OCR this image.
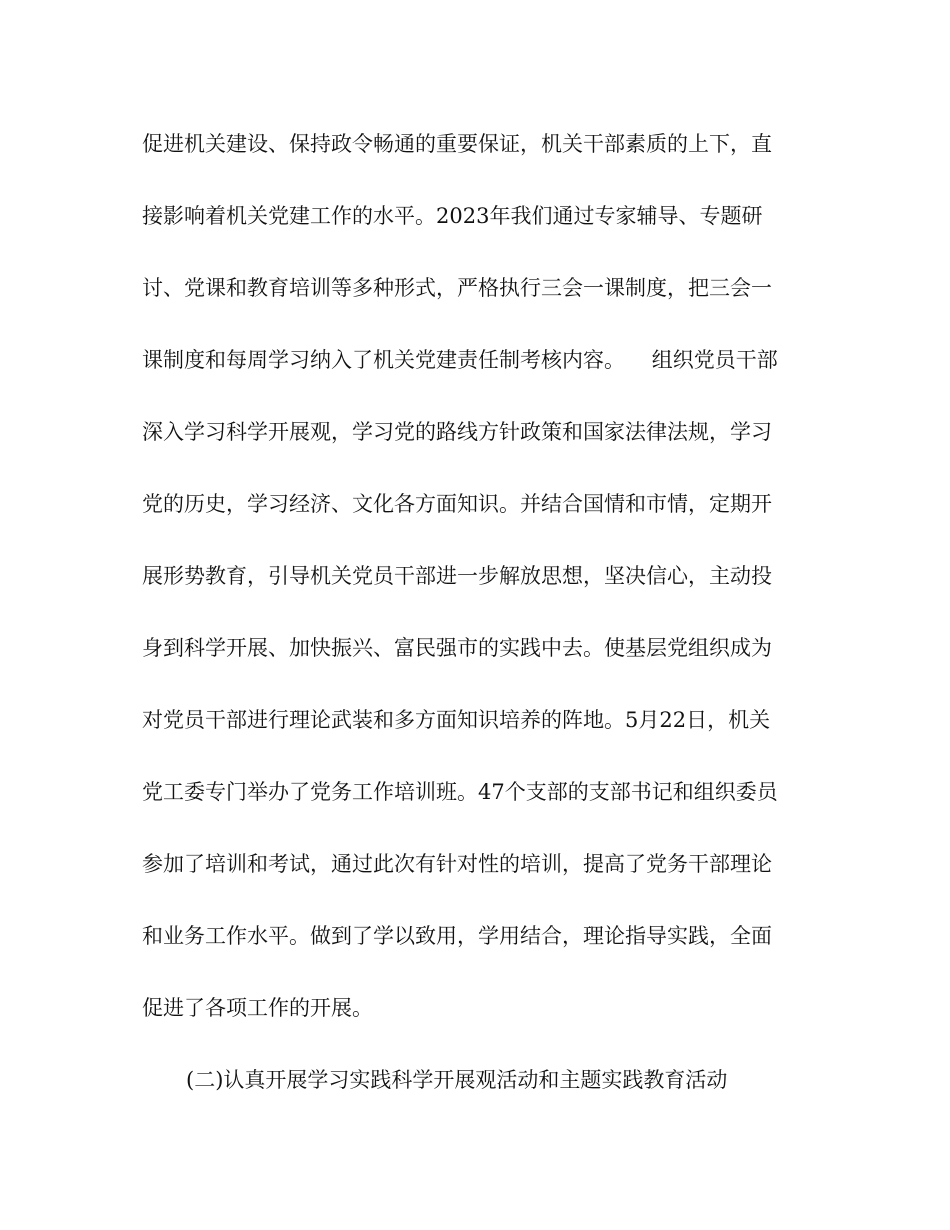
促进机关建设、保持政令畅通的重要保证，机关干部素质的上下，直
接影响着机关党建工作的水平。2023年我们通过专家辅导、专题研
讨、党课和教育培训等多种形式，严格执行三会一课制度，把三会一
课制度和每周学习纳入了机关党建责任制考核内容。    组织党员干部
深入学习科学开展观，学习党的路线方针政策和国家法律法规，学习
党的历史，学习经济、文化各方面知识。并结合国情和市情，定期开
展形势教育，引导机关党员干部进一步解放思想，坚决信心，主动投
身到科学开展、加快振兴、富民强市的实践中去。使基层党组织成为
对党员干部进行理论武装和多方面知识培养的阵地。5月22日，机关
党工委专门举办了党务工作培训班。47个支部的支部书记和组织委员
参加了培训和考试，通过此次有针对性的培训，提高了党务干部理论
和业务工作水平。做到了学以致用，学用结合，理论指导实践，全面
促进了各项工作的开展。
(二)认真开展学习实践科学开展观活动和主题实践教育活动
